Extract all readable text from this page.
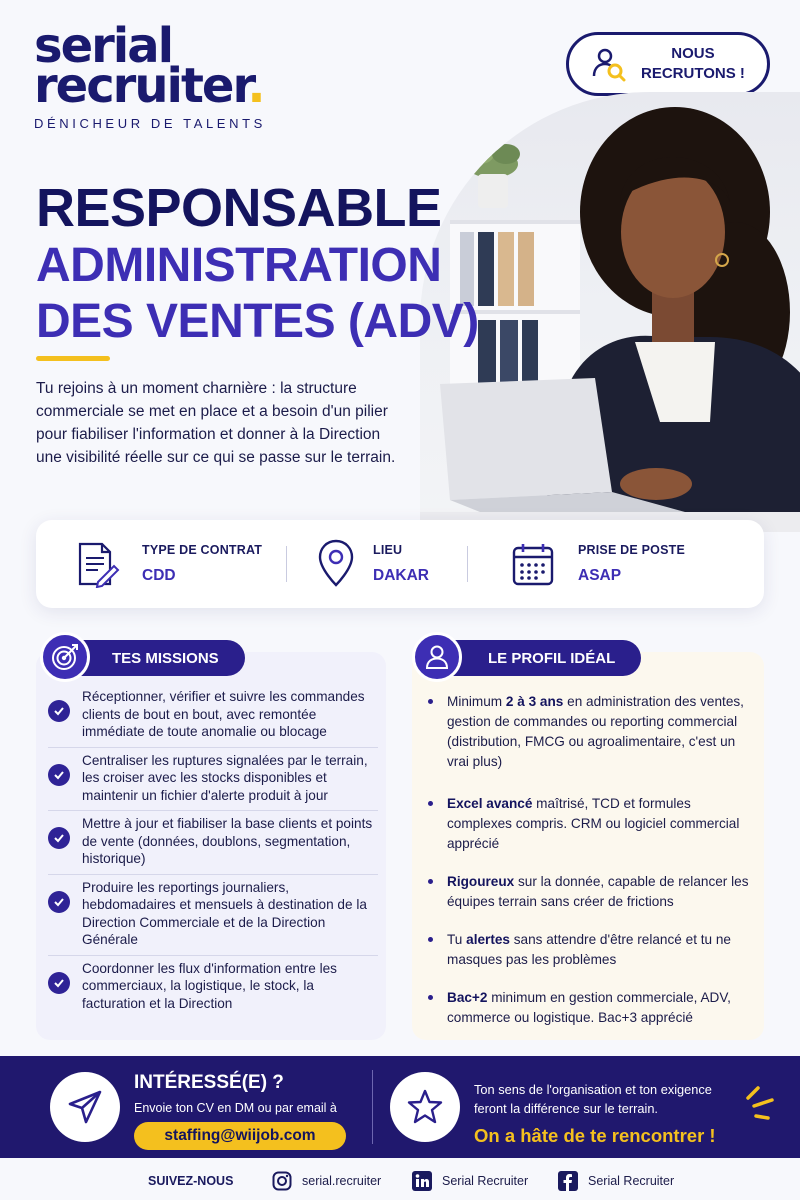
serial
recruiter.
DÉNICHEUR DE TALENTS
NOUS
RECRUTONS !
RESPONSABLE
ADMINISTRATION
DES VENTES (ADV)

Tu rejoins à un moment charnière : la structure commerciale se met en place et a besoin d'un pilier pour fiabiliser l'information et donner à la Direction une visibilité réelle sur ce qui se passe sur le terrain.

TYPE DE CONTRAT
CDD
LIEU
DAKAR
PRISE DE POSTE
ASAP
TES MISSIONS
Réceptionner, vérifier et suivre les commandes clients de bout en bout, avec remontée immédiate de toute anomalie ou blocage
Centraliser les ruptures signalées par le terrain, les croiser avec les stocks disponibles et maintenir un fichier d'alerte produit à jour
Mettre à jour et fiabiliser la base clients et points de vente (données, doublons, segmentation, historique)
Produire les reportings journaliers, hebdomadaires et mensuels à destination de la Direction Commerciale et de la Direction Générale
Coordonner les flux d'information entre les commerciaux, la logistique, le stock, la facturation et la Direction
LE PROFIL IDÉAL
Minimum 2 à 3 ans en administration des ventes, gestion de commandes ou reporting commercial (distribution, FMCG ou agroalimentaire, c'est un vrai plus)
Excel avancé maîtrisé, TCD et formules complexes compris. CRM ou logiciel commercial apprécié
Rigoureux sur la donnée, capable de relancer les équipes terrain sans créer de frictions
Tu alertes sans attendre d'être relancé et tu ne masques pas les problèmes
Bac+2 minimum en gestion commerciale, ADV, commerce ou logistique. Bac+3 apprécié
INTÉRESSÉ(E) ?
Envoie ton CV en DM ou par email à
staffing@wiijob.com
Ton sens de l'organisation et ton exigence feront la différence sur le terrain.
On a hâte de te rencontrer !
SUIVEZ-NOUS	serial.recruiter	Serial Recruiter	Serial Recruiter
